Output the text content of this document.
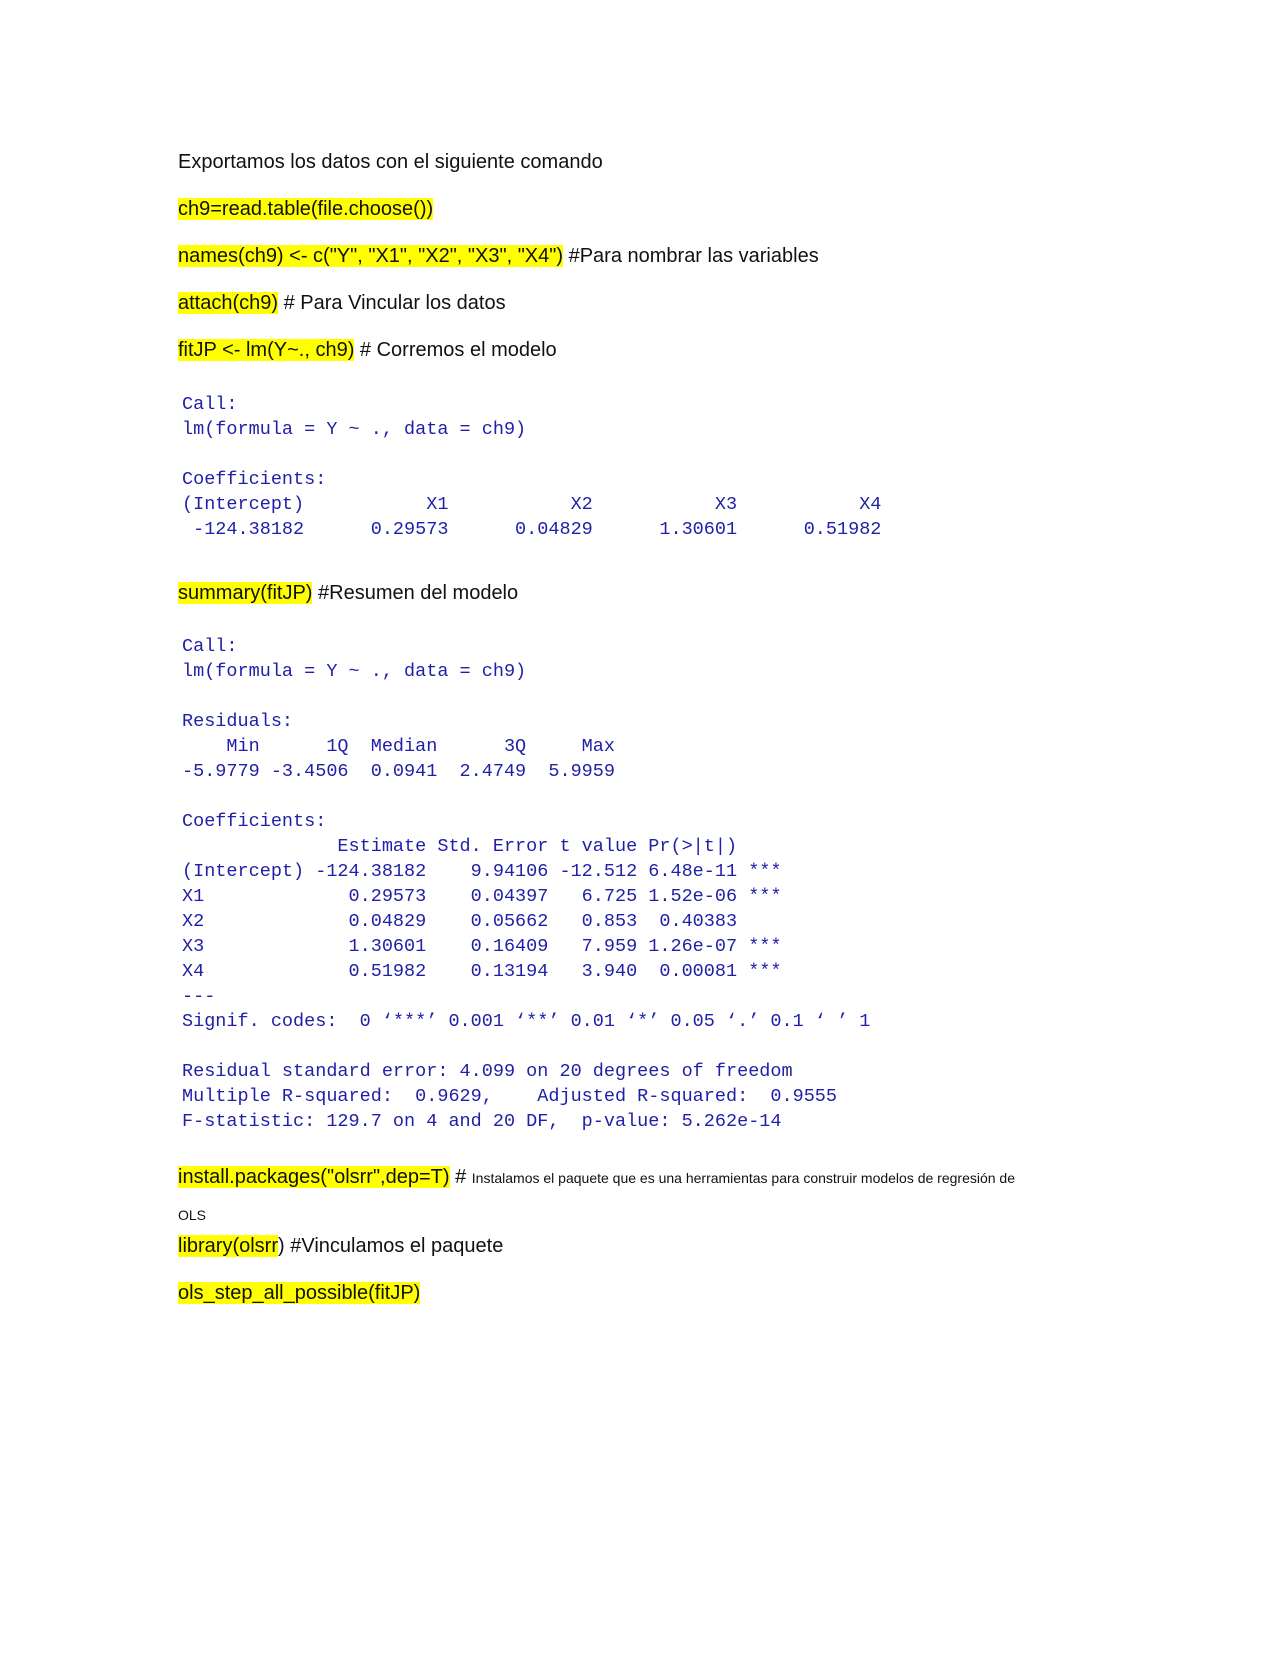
Exportamos los datos con el siguiente comando
ch9=read.table(file.choose())
names(ch9) <- c("Y", "X1", "X2", "X3", "X4") #Para nombrar las variables
attach(ch9) # Para Vincular los datos
fitJP <- lm(Y~., ch9) # Corremos el modelo
Call:
lm(formula = Y ~ ., data = ch9)

Coefficients:
(Intercept)           X1           X2           X3           X4
-124.38182      0.29573      0.04829      1.30601      0.51982
summary(fitJP) #Resumen del modelo
Call:
lm(formula = Y ~ ., data = ch9)

Residuals:
Min      1Q  Median      3Q     Max
-5.9779 -3.4506  0.0941  2.4749  5.9959

Coefficients:
Estimate Std. Error t value Pr(>|t|)
(Intercept) -124.38182    9.94106 -12.512 6.48e-11 ***
X1             0.29573    0.04397   6.725 1.52e-06 ***
X2             0.04829    0.05662   0.853  0.40383
X3             1.30601    0.16409   7.959 1.26e-07 ***
X4             0.51982    0.13194   3.940  0.00081 ***
---
Signif. codes:  0 ‘***’ 0.001 ‘**’ 0.01 ‘*’ 0.05 ‘.’ 0.1 ‘ ’ 1

Residual standard error: 4.099 on 20 degrees of freedom
Multiple R-squared:  0.9629,    Adjusted R-squared:  0.9555
F-statistic: 129.7 on 4 and 20 DF,  p-value: 5.262e-14
install.packages("olsrr",dep=T) # Instalamos el paquete que es una herramientas para construir modelos de regresión de
OLS
library(olsrr) #Vinculamos el paquete
ols_step_all_possible(fitJP)
